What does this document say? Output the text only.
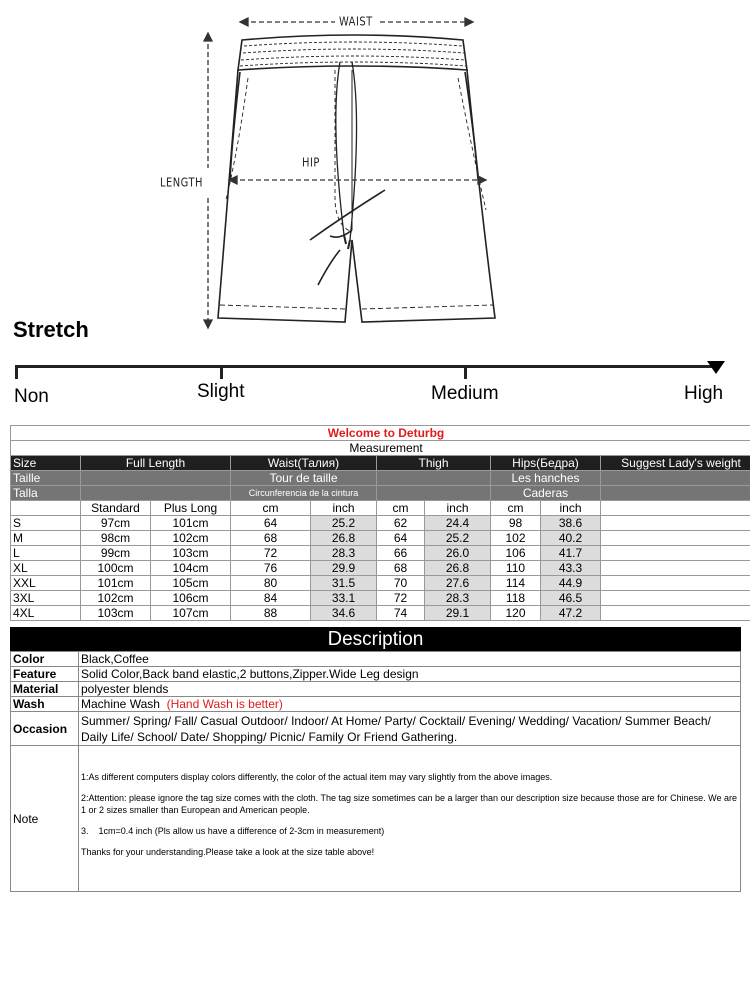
WAIST
HIP
LENGTH
Stretch
Non	Slight	Medium	High
Welcome to Deturbg									
Measurement									
Size	Full Length		Waist(Талия)		Thigh		Hips(Бедра)		Suggest Lady's weight
Taille			Tour de taille				Les hanches		
Talla			Circunferencia de la cintura				Caderas		
	Standard	Plus Long	cm	inch	cm	inch	cm	inch	
S	97cm	101cm	64	25.2	62	24.4	98	38.6	
M	98cm	102cm	68	26.8	64	25.2	102	40.2	
L	99cm	103cm	72	28.3	66	26.0	106	41.7	
XL	100cm	104cm	76	29.9	68	26.8	110	43.3	
XXL	101cm	105cm	80	31.5	70	27.6	114	44.9	
3XL	102cm	106cm	84	33.1	72	28.3	118	46.5	
4XL	103cm	107cm	88	34.6	74	29.1	120	47.2	
Description
Color	Black,Coffee
Feature	Solid Color,Back band elastic,2 buttons,Zipper.Wide Leg design
Material	polyester blends
Wash	Machine Wash (Hand Wash is better)
Occasion	Summer/ Spring/ Fall/ Casual Outdoor/ Indoor/ At Home/ Party/ Cocktail/ Evening/ Wedding/ Vacation/ Summer Beach/ Daily Life/ School/ Date/ Shopping/ Picnic/ Family Or Friend Gathering.
Note	1:As different computers display colors differently, the color of the actual item may vary slightly from the above images.

2:Attention: please ignore the tag size comes with the cloth. The tag size sometimes can be a larger than our description size because those are for Chinese. We are 1 or 2 sizes smaller than European and American people.

3.    1cm=0.4 inch (Pls allow us have a difference of 2-3cm in measurement)

Thanks for your understanding.Please take a look at the size table above!
